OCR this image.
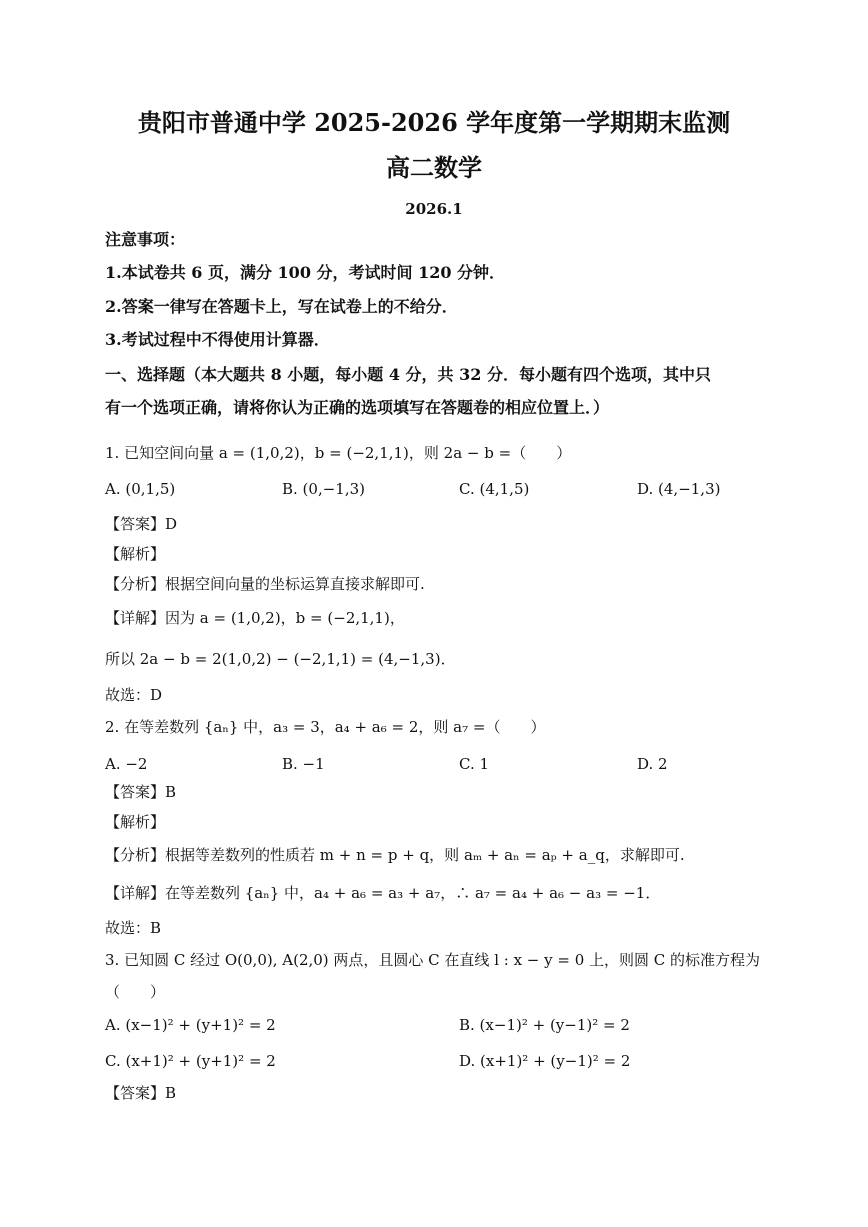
贵阳市普通中学 2025-2026 学年度第一学期期末监测
高二数学
2026.1
注意事项：
1.本试卷共 6 页，满分 100 分，考试时间 120 分钟．
2.答案一律写在答题卡上，写在试卷上的不给分．
3.考试过程中不得使用计算器．
一、选择题（本大题共 8 小题，每小题 4 分，共 32 分．每小题有四个选项，其中只
有一个选项正确，请将你认为正确的选项填写在答题卷的相应位置上．）
1. 已知空间向量 a = (1,0,2)，b = (−2,1,1)，则 2a − b =（　　）
A. (0,1,5)	B. (0,−1,3)	C. (4,1,5)	D. (4,−1,3)
【答案】D
【解析】
【分析】根据空间向量的坐标运算直接求解即可.
【详解】因为 a = (1,0,2)，b = (−2,1,1)，
所以 2a − b = 2(1,0,2) − (−2,1,1) = (4,−1,3)．
故选：D
2. 在等差数列 {aₙ} 中，a₃ = 3，a₄ + a₆ = 2，则 a₇ =（　　）
A. −2	B. −1	C. 1	D. 2
【答案】B
【解析】
【分析】根据等差数列的性质若 m + n = p + q，则 aₘ + aₙ = aₚ + a_q，求解即可.
【详解】在等差数列 {aₙ} 中，a₄ + a₆ = a₃ + a₇，∴ a₇ = a₄ + a₆ − a₃ = −1．
故选：B
3. 已知圆 C 经过 O(0,0), A(2,0) 两点，且圆心 C 在直线 l : x − y = 0 上，则圆 C 的标准方程为
（　　）
A. (x−1)² + (y+1)² = 2	B. (x−1)² + (y−1)² = 2
C. (x+1)² + (y+1)² = 2	D. (x+1)² + (y−1)² = 2
【答案】B
